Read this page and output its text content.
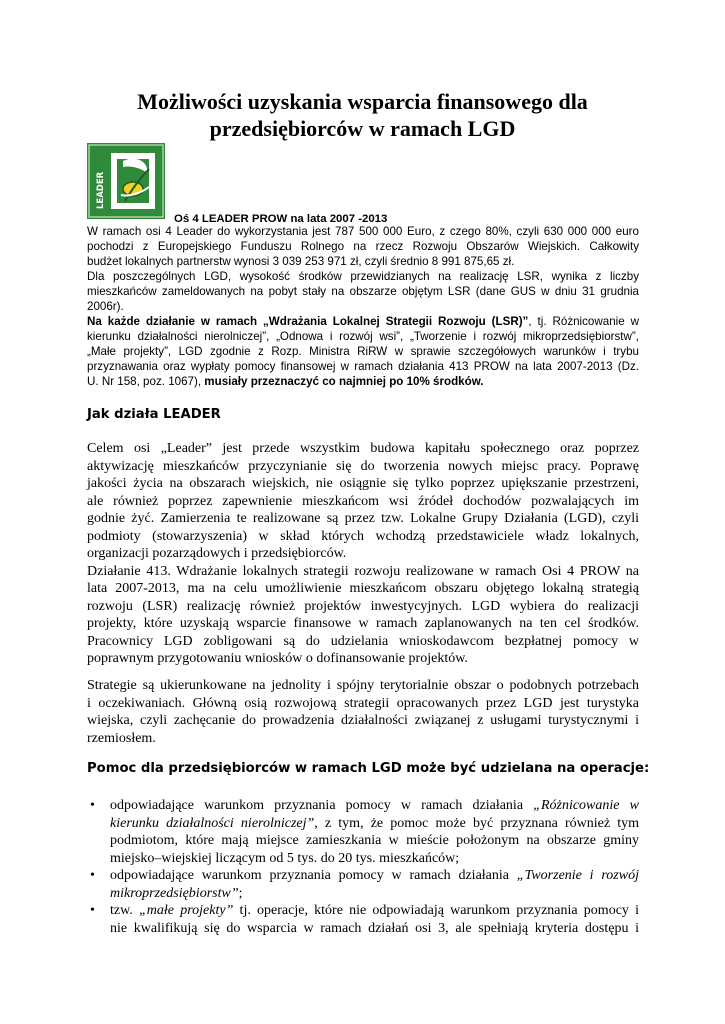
Możliwości uzyskania wsparcia finansowego dla
przedsiębiorców w ramach LGD
LEADER
Oś 4 LEADER PROW na lata 2007 -2013
W ramach osi 4 Leader do wykorzystania jest 787 500 000 Euro, z czego 80%, czyli 630 000 000 euro
pochodzi z Europejskiego Funduszu Rolnego na rzecz Rozwoju Obszarów Wiejskich. Całkowity
budżet lokalnych partnerstw wynosi 3 039 253 971 zł, czyli średnio 8 991 875,65 zł.
Dla poszczególnych LGD, wysokość środków przewidzianych na realizację LSR, wynika z liczby
mieszkańców zameldowanych na pobyt stały na obszarze objętym LSR (dane GUS w dniu 31 grudnia
2006r).
Na każde działanie w ramach „Wdrażania Lokalnej Strategii Rozwoju (LSR)”, tj. Różnicowanie w
kierunku działalności nierolniczej”, „Odnowa i rozwój wsi”, „Tworzenie i rozwój mikroprzedsiębiorstw”,
„Małe projekty”, LGD zgodnie z Rozp. Ministra RiRW w sprawie szczegółowych warunków i trybu
przyznawania oraz wypłaty pomocy finansowej w ramach działania 413 PROW na lata 2007-2013 (Dz.
U. Nr 158, poz. 1067), musiały przeznaczyć co najmniej po 10% środków.
Jak działa LEADER
Celem osi „Leader” jest przede wszystkim budowa kapitału społecznego oraz poprzez
aktywizację mieszkańców przyczynianie się do tworzenia nowych miejsc pracy. Poprawę
jakości życia na obszarach wiejskich, nie osiągnie się tylko poprzez upiększanie przestrzeni,
ale również poprzez zapewnienie mieszkańcom wsi źródeł dochodów pozwalających im
godnie żyć. Zamierzenia te realizowane są przez tzw. Lokalne Grupy Działania (LGD), czyli
podmioty (stowarzyszenia) w skład których wchodzą przedstawiciele władz lokalnych,
organizacji pozarządowych i przedsiębiorców.
Działanie 413. Wdrażanie lokalnych strategii rozwoju realizowane w ramach Osi 4 PROW na
lata 2007-2013, ma na celu umożliwienie mieszkańcom obszaru objętego lokalną strategią
rozwoju (LSR) realizację również projektów inwestycyjnych. LGD wybiera do realizacji
projekty, które uzyskają wsparcie finansowe w ramach zaplanowanych na ten cel środków.
Pracownicy LGD zobligowani są do udzielania wnioskodawcom bezpłatnej pomocy w
poprawnym przygotowaniu wniosków o dofinansowanie projektów.
Strategie są ukierunkowane na jednolity i spójny terytorialnie obszar o podobnych potrzebach
i oczekiwaniach. Główną osią rozwojową strategii opracowanych przez LGD jest turystyka
wiejska, czyli zachęcanie do prowadzenia działalności związanej z usługami turystycznymi i
rzemiosłem.
Pomoc dla przedsiębiorców w ramach LGD może być udzielana na operacje:
• odpowiadające warunkom przyznania pomocy w ramach działania „Różnicowanie w
kierunku działalności nierolniczej”, z tym, że pomoc może być przyznana również tym
podmiotom, które mają miejsce zamieszkania w mieście położonym na obszarze gminy
miejsko–wiejskiej liczącym od 5 tys. do 20 tys. mieszkańców;
• odpowiadające warunkom przyznania pomocy w ramach działania „Tworzenie i rozwój
mikroprzedsiębiorstw”;
• tzw. „małe projekty” tj. operacje, które nie odpowiadają warunkom przyznania pomocy i
nie kwalifikują się do wsparcia w ramach działań osi 3, ale spełniają kryteria dostępu i
